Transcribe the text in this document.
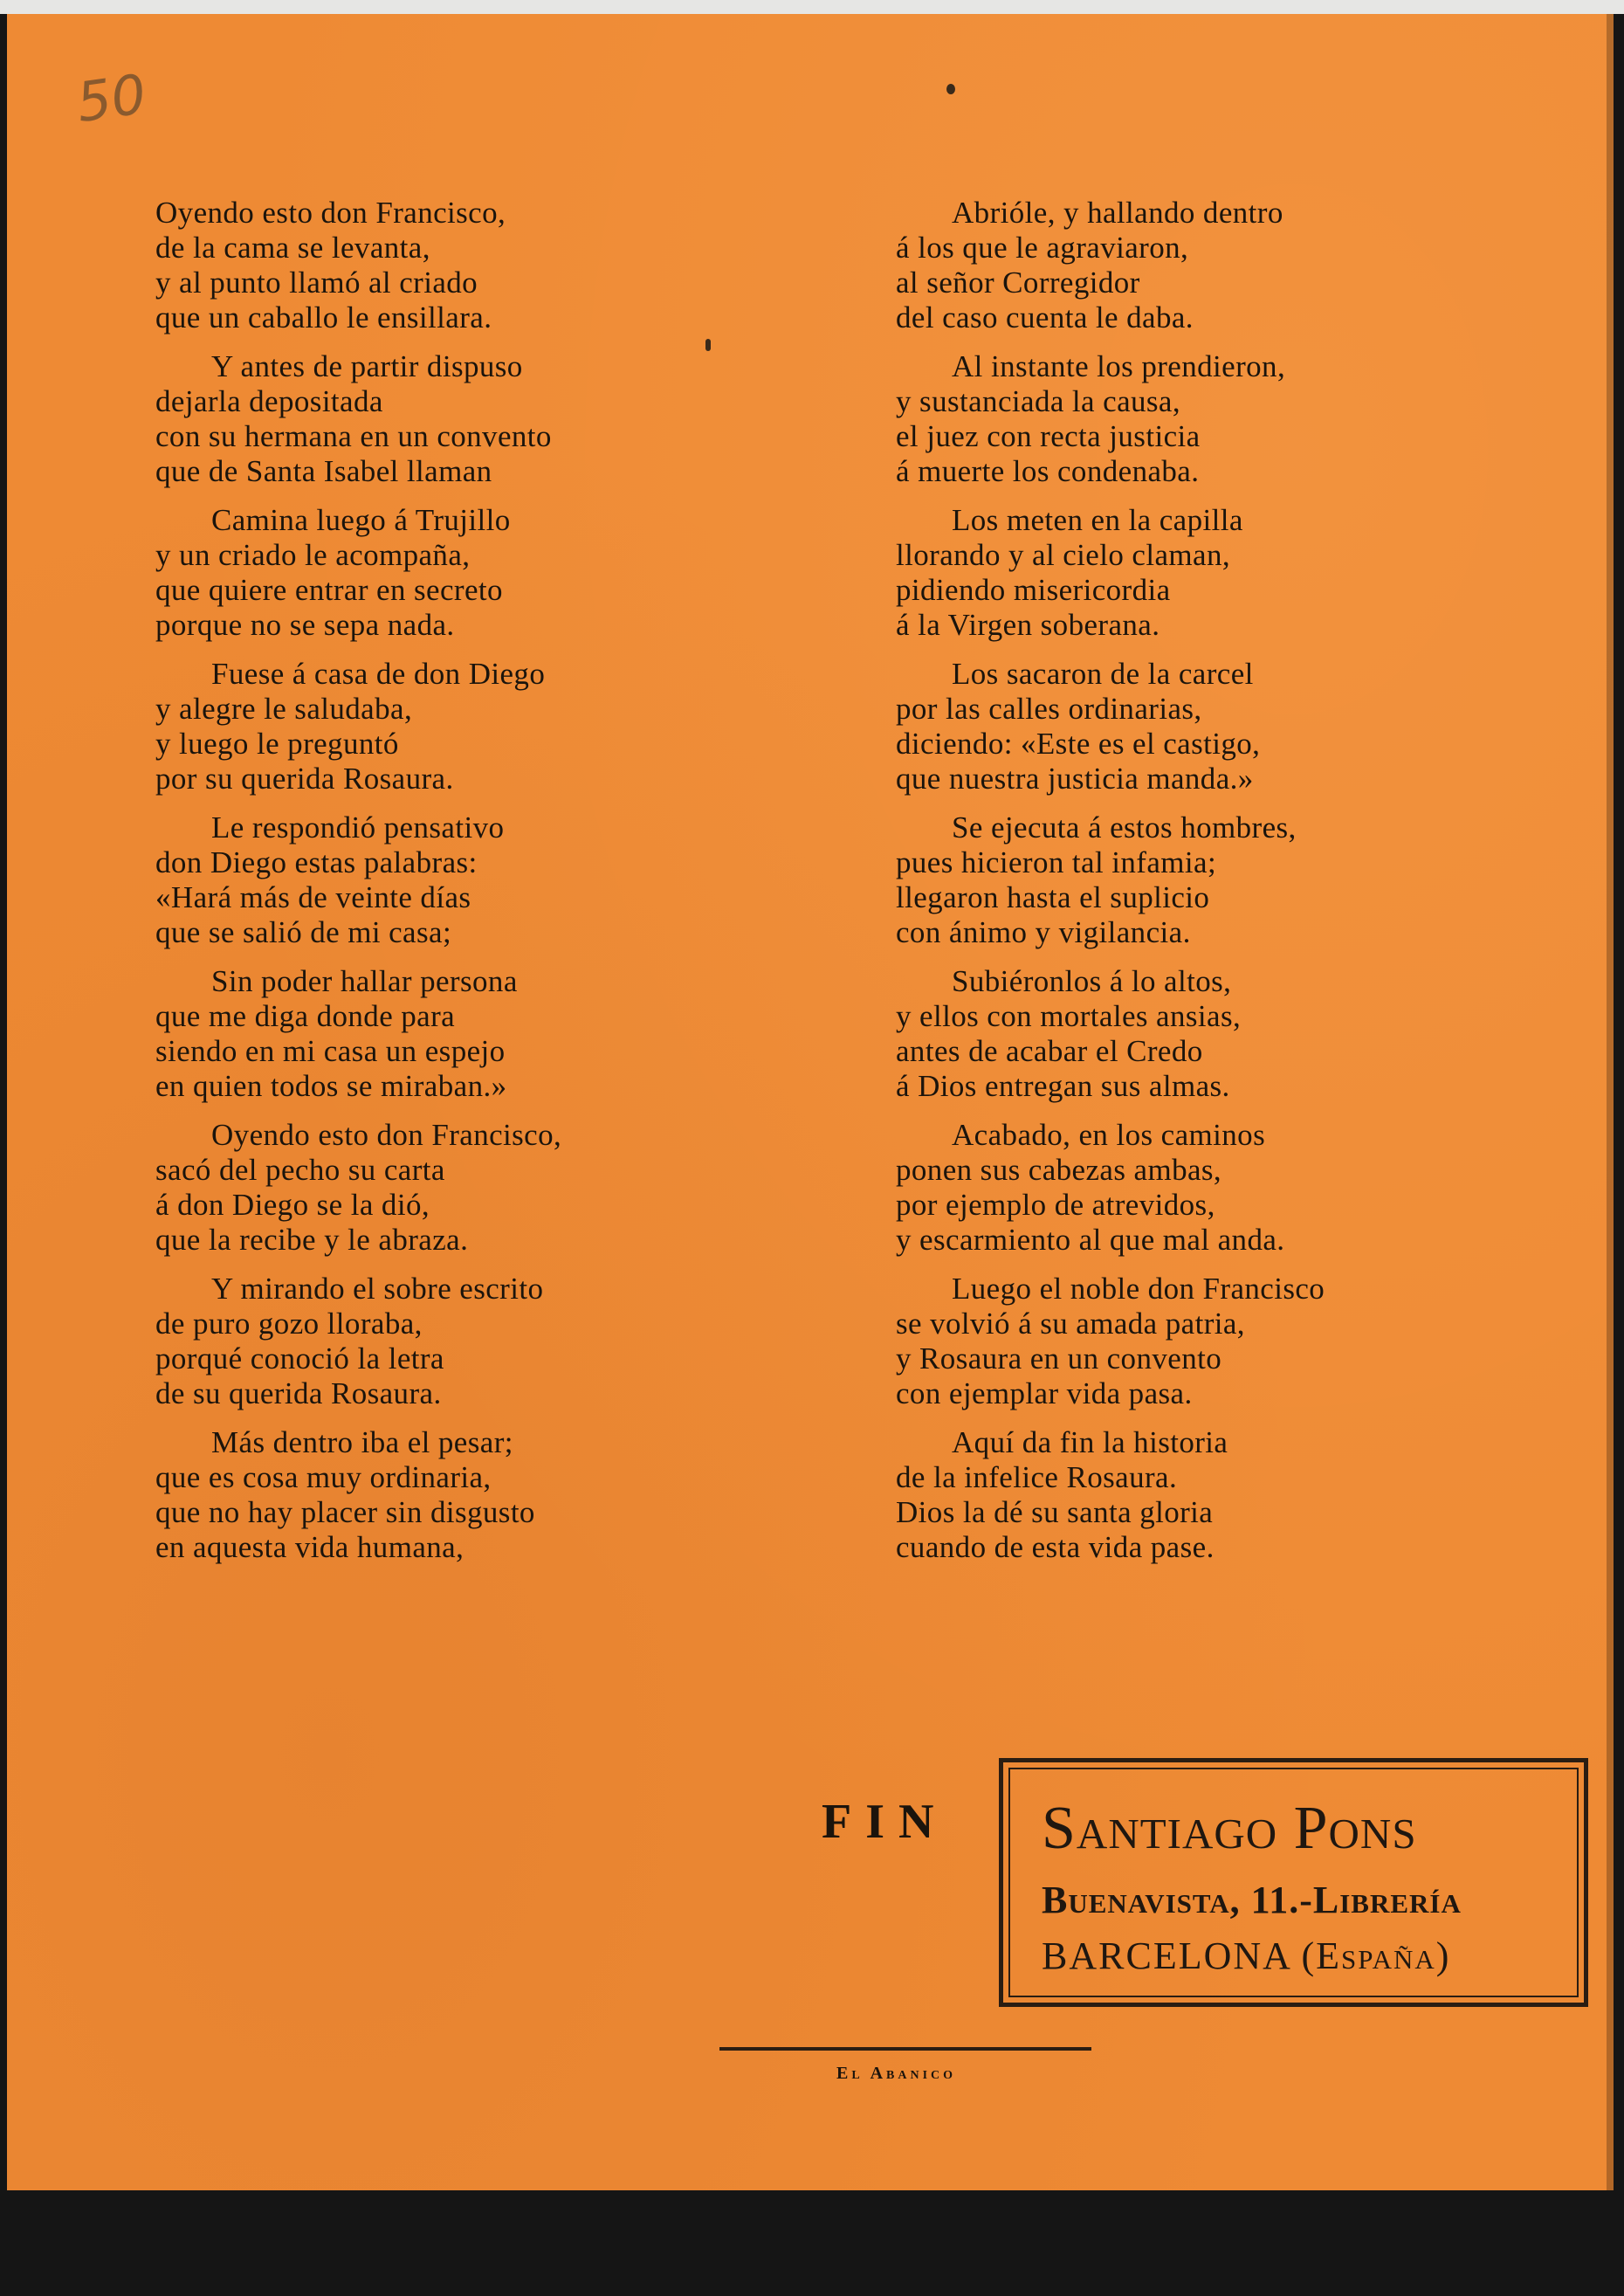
50
Oyendo esto don Francisco,
de la cama se levanta,
y al punto llamó al criado
que un caballo le ensillara.
Y antes de partir dispuso
dejarla depositada
con su hermana en un convento
que de Santa Isabel llaman
Camina luego á Trujillo
y un criado le acompaña,
que quiere entrar en secreto
porque no se sepa nada.
Fuese á casa de don Diego
y alegre le saludaba,
y luego le preguntó
por su querida Rosaura.
Le respondió pensativo
don Diego estas palabras:
«Hará más de veinte días
que se salió de mi casa;
Sin poder hallar persona
que me diga donde para
siendo en mi casa un espejo
en quien todos se miraban.»
Oyendo esto don Francisco,
sacó del pecho su carta
á don Diego se la dió,
que la recibe y le abraza.
Y mirando el sobre escrito
de puro gozo lloraba,
porqué conoció la letra
de su querida Rosaura.
Más dentro iba el pesar;
que es cosa muy ordinaria,
que no hay placer sin disgusto
en aquesta vida humana,
Abrióle, y hallando dentro
á los que le agraviaron,
al señor Corregidor
del caso cuenta le daba.
Al instante los prendieron,
y sustanciada la causa,
el juez con recta justicia
á muerte los condenaba.
Los meten en la capilla
llorando y al cielo claman,
pidiendo misericordia
á la Virgen soberana.
Los sacaron de la carcel
por las calles ordinarias,
diciendo: «Este es el castigo,
que nuestra justicia manda.»
Se ejecuta á estos hombres,
pues hicieron tal infamia;
llegaron hasta el suplicio
con ánimo y vigilancia.
Subiéronlos á lo altos,
y ellos con mortales ansias,
antes de acabar el Credo
á Dios entregan sus almas.
Acabado, en los caminos
ponen sus cabezas ambas,
por ejemplo de atrevidos,
y escarmiento al que mal anda.
Luego el noble don Francisco
se volvió á su amada patria,
y Rosaura en un convento
con ejemplar vida pasa.
Aquí da fin la historia
de la infelice Rosaura.
Dios la dé su santa gloria
cuando de esta vida pase.
FIN Santiago Pons
Buenavista, 11.-Librería
BARCELONA (España)
El Abanico
